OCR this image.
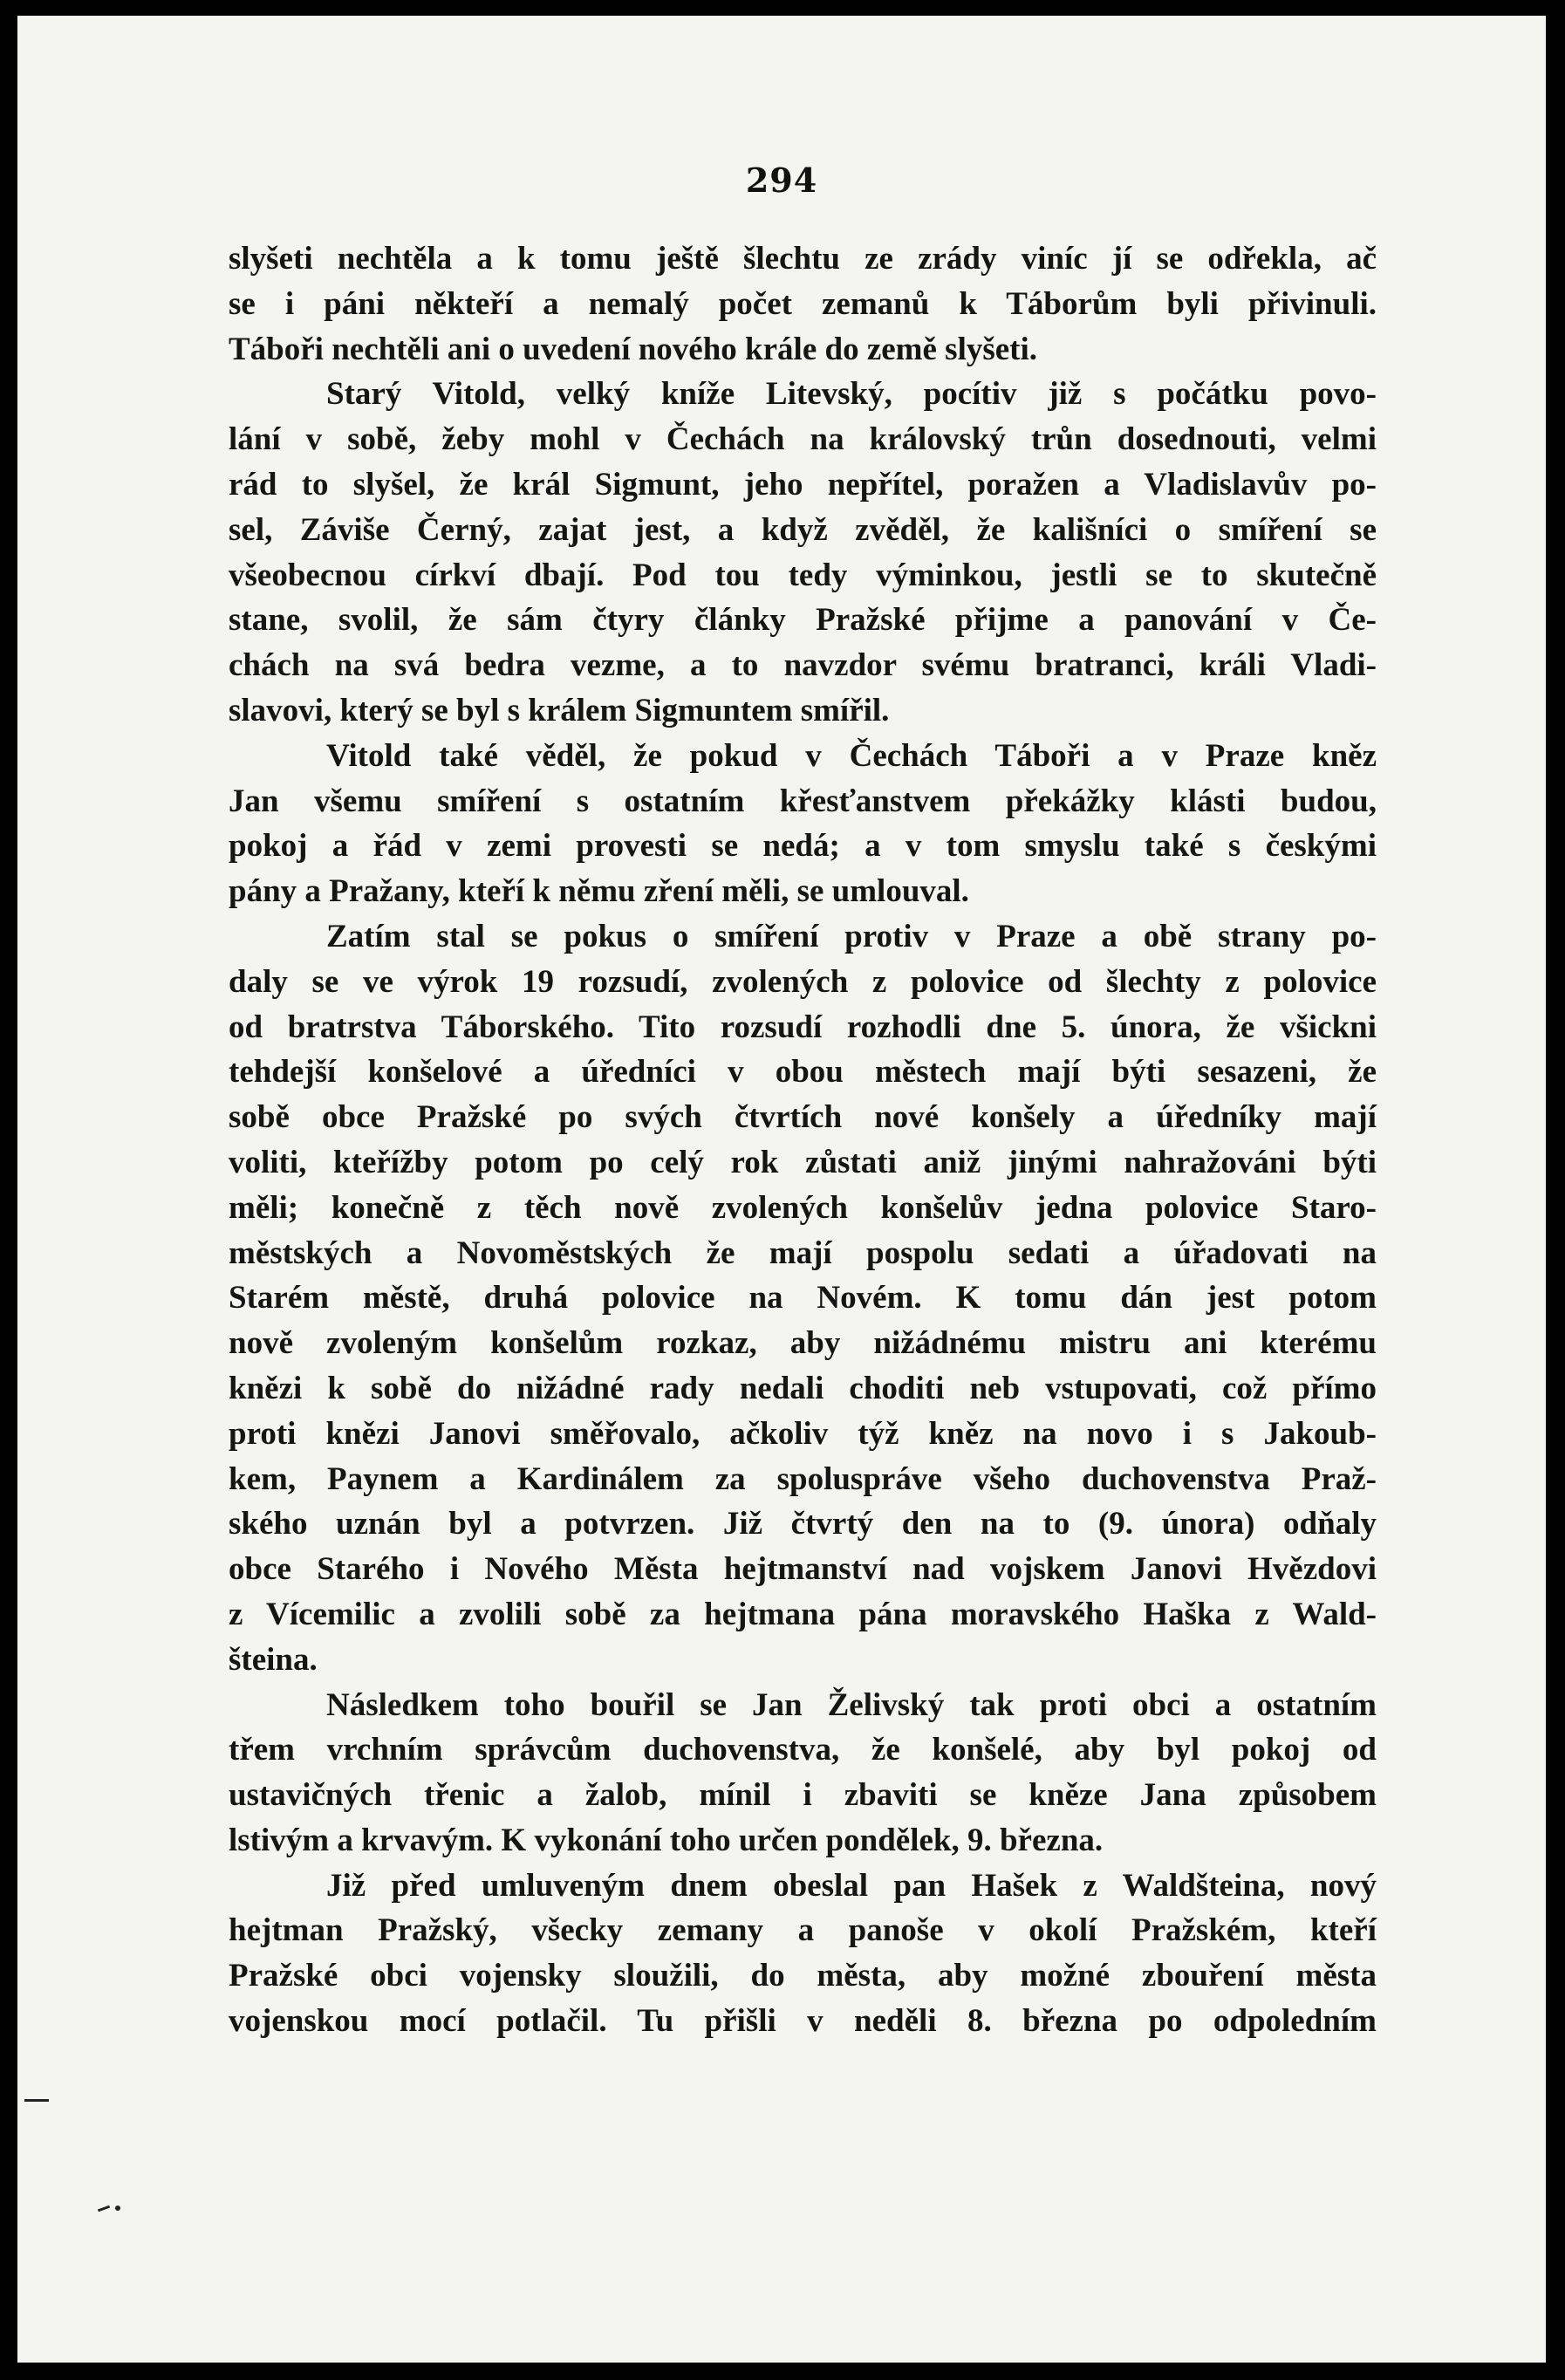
294
slyšeti nechtěla a k tomu ještě šlechtu ze zrády viníc jí se odřekla, ač
se i páni někteří a nemalý počet zemanů k Táborům byli přivinuli.
Táboři nechtěli ani o uvedení nového krále do země slyšeti.
Starý Vitold, velký kníže Litevský, pocítiv již s počátku povo-
lání v sobě, žeby mohl v Čechách na královský trůn dosednouti, velmi
rád to slyšel, že král Sigmunt, jeho nepřítel, poražen a Vladislavův po-
sel, Záviše Černý, zajat jest, a když zvěděl, že kališníci o smíření se
všeobecnou církví dbají. Pod tou tedy výminkou, jestli se to skutečně
stane, svolil, že sám čtyry články Pražské přijme a panování v Če-
chách na svá bedra vezme, a to navzdor svému bratranci, králi Vladi-
slavovi, který se byl s králem Sigmuntem smířil.
Vitold také věděl, že pokud v Čechách Táboři a v Praze kněz
Jan všemu smíření s ostatním křesťanstvem překážky klásti budou,
pokoj a řád v zemi provesti se nedá; a v tom smyslu také s českými
pány a Pražany, kteří k němu zření měli, se umlouval.
Zatím stal se pokus o smíření protiv v Praze a obě strany po-
daly se ve výrok 19 rozsudí, zvolených z polovice od šlechty z polovice
od bratrstva Táborského. Tito rozsudí rozhodli dne 5. února, že všickni
tehdejší konšelové a úředníci v obou městech mají býti sesazeni, že
sobě obce Pražské po svých čtvrtích nové konšely a úředníky mají
voliti, kteřížby potom po celý rok zůstati aniž jinými nahražováni býti
měli; konečně z těch nově zvolených konšelův jedna polovice Staro-
městských a Novoměstských že mají pospolu sedati a úřadovati na
Starém městě, druhá polovice na Novém. K tomu dán jest potom
nově zvoleným konšelům rozkaz, aby nižádnému mistru ani kterému
knězi k sobě do nižádné rady nedali choditi neb vstupovati, což přímo
proti knězi Janovi směřovalo, ačkoliv týž kněz na novo i s Jakoub-
kem, Paynem a Kardinálem za spoluspráve všeho duchovenstva Praž-
ského uznán byl a potvrzen. Již čtvrtý den na to (9. února) odňaly
obce Starého i Nového Města hejtmanství nad vojskem Janovi Hvězdovi
z Vícemilic a zvolili sobě za hejtmana pána moravského Haška z Wald-
šteina.
Následkem toho bouřil se Jan Želivský tak proti obci a ostatním
třem vrchním správcům duchovenstva, že konšelé, aby byl pokoj od
ustavičných třenic a žalob, mínil i zbaviti se kněze Jana způsobem
lstivým a krvavým. K vykonání toho určen pondělek, 9. března.
Již před umluveným dnem obeslal pan Hašek z Waldšteina, nový
hejtman Pražský, všecky zemany a panoše v okolí Pražském, kteří
Pražské obci vojensky sloužili, do města, aby možné zbouření města
vojenskou mocí potlačil. Tu přišli v neděli 8. března po odpoledním
